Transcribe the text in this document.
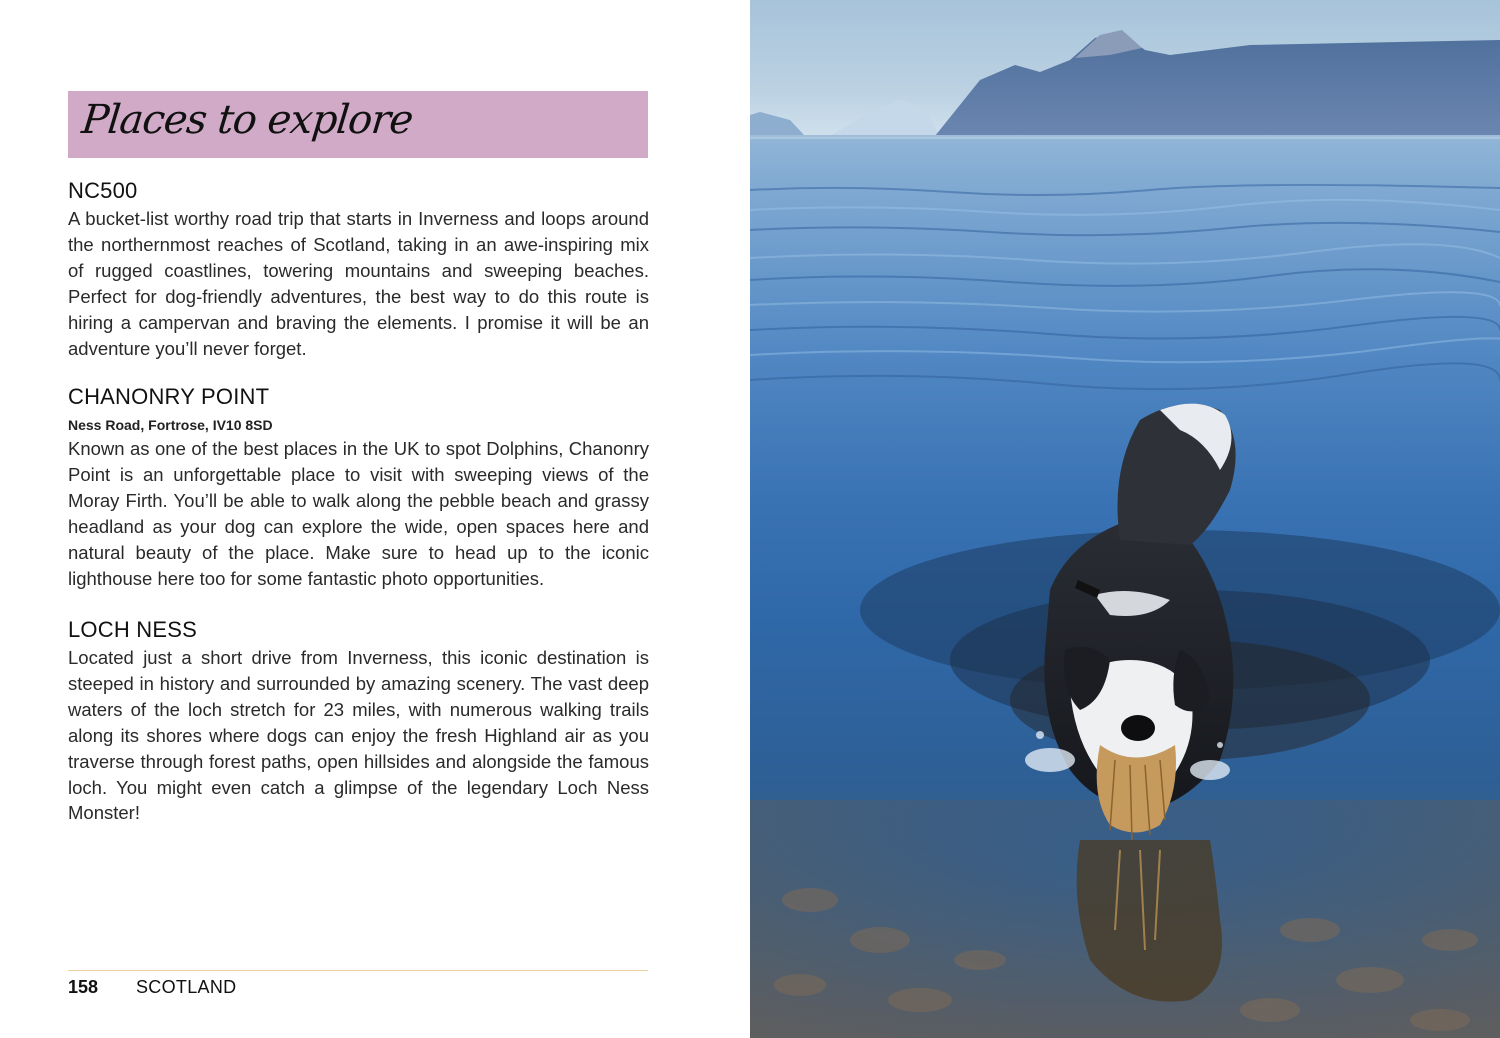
Places to explore
NC500

A bucket-list worthy road trip that starts in Inverness and loops around the northernmost reaches of Scotland, taking in an awe-inspiring mix of rugged coastlines, towering mountains and sweeping beaches. Perfect for dog-friendly adventures, the best way to do this route is hiring a campervan and braving the elements. I promise it will be an adventure you’ll never forget.

CHANONRY POINT
Ness Road, Fortrose, IV10 8SD

Known as one of the best places in the UK to spot Dolphins, Chanonry Point is an unforgettable place to visit with sweeping views of the Moray Firth. You’ll be able to walk along the pebble beach and grassy headland as your dog can explore the wide, open spaces here and natural beauty of the place. Make sure to head up to the iconic lighthouse here too for some fantastic photo opportunities.

LOCH NESS

Located just a short drive from Inverness, this iconic destination is steeped in history and surrounded by amazing scenery. The vast deep waters of the loch stretch for 23 miles, with numerous walking trails along its shores where dogs can enjoy the fresh Highland air as you traverse through forest paths, open hillsides and alongside the famous loch. You might even catch a glimpse of the legendary Loch Ness Monster!

158 SCOTLAND
